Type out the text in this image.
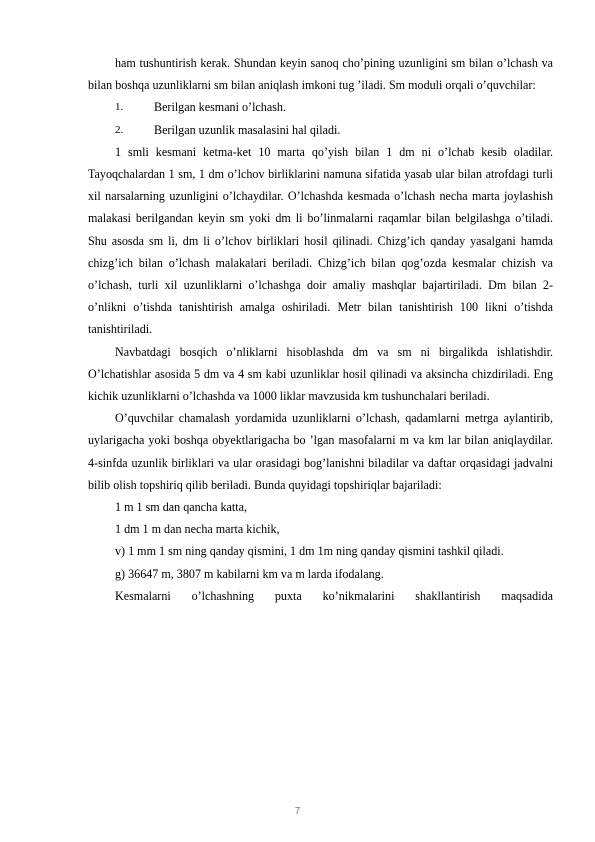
ham tushuntirish kerak. Shundan keyin sanoq cho’pining uzunligini sm bilan o’lchash va bilan boshqa uzunliklarni sm bilan aniqlash imkoni tug ’iladi. Sm moduli orqali o’quvchilar:

1.	Berilgan kesmani o’lchash.
2.	Berilgan uzunlik masalasini hal qiladi.

1 smli kesmani ketma-ket 10 marta qo’yish bilan 1 dm ni o’lchab kesib oladilar. Tayoqchalardan 1 sm, 1 dm o’lchov birliklarini namuna sifatida yasab ular bilan atrofdagi turli xil narsalarning uzunligini o’lchaydilar. O’lchashda kesmada o’lchash necha marta joylashish malakasi berilgandan keyin sm yoki dm li bo’linmalarni raqamlar bilan belgilashga o’tiladi. Shu asosda sm li, dm li o’lchov birliklari hosil qilinadi. Chizg’ich qanday yasalgani hamda chizg’ich bilan o’lchash malakalari beriladi. Chizg’ich bilan qog’ozda kesmalar chizish va o’lchash, turli xil uzunliklarni o’lchashga doir amaliy mashqlar bajartiriladi. Dm bilan 2-o’nlikni o’tishda tanishtirish amalga oshiriladi. Metr bilan tanishtirish 100 likni o’tishda tanishtiriladi.

Navbatdagi bosqich o’nliklarni hisoblashda dm va sm ni birgalikda ishlatishdir. O’lchatishlar asosida 5 dm va 4 sm kabi uzunliklar hosil qilinadi va aksincha chizdiriladi. Eng kichik uzunliklarni o’lchashda va 1000 liklar mavzusida km tushunchalari beriladi.

O’quvchilar chamalash yordamida uzunliklarni o’lchash, qadamlarni metrga aylantirib, uylarigacha yoki boshqa obyektlarigacha bo ’lgan masofalarni m va km lar bilan aniqlaydilar. 4-sinfda uzunlik birliklari va ular orasidagi bog’lanishni biladilar va daftar orqasidagi jadvalni bilib olish topshiriq qilib beriladi. Bunda quyidagi topshiriqlar bajariladi:

1 m 1 sm dan qancha katta,

1 dm 1 m dan necha marta kichik,

v) 1 mm 1 sm ning qanday qismini, 1 dm 1m ning qanday qismini tashkil qiladi.

g) 36647 m, 3807 m kabilarni km va m larda ifodalang.

Kesmalarni o’lchashning puxta ko’nikmalarini shakllantirish maqsadida

7
